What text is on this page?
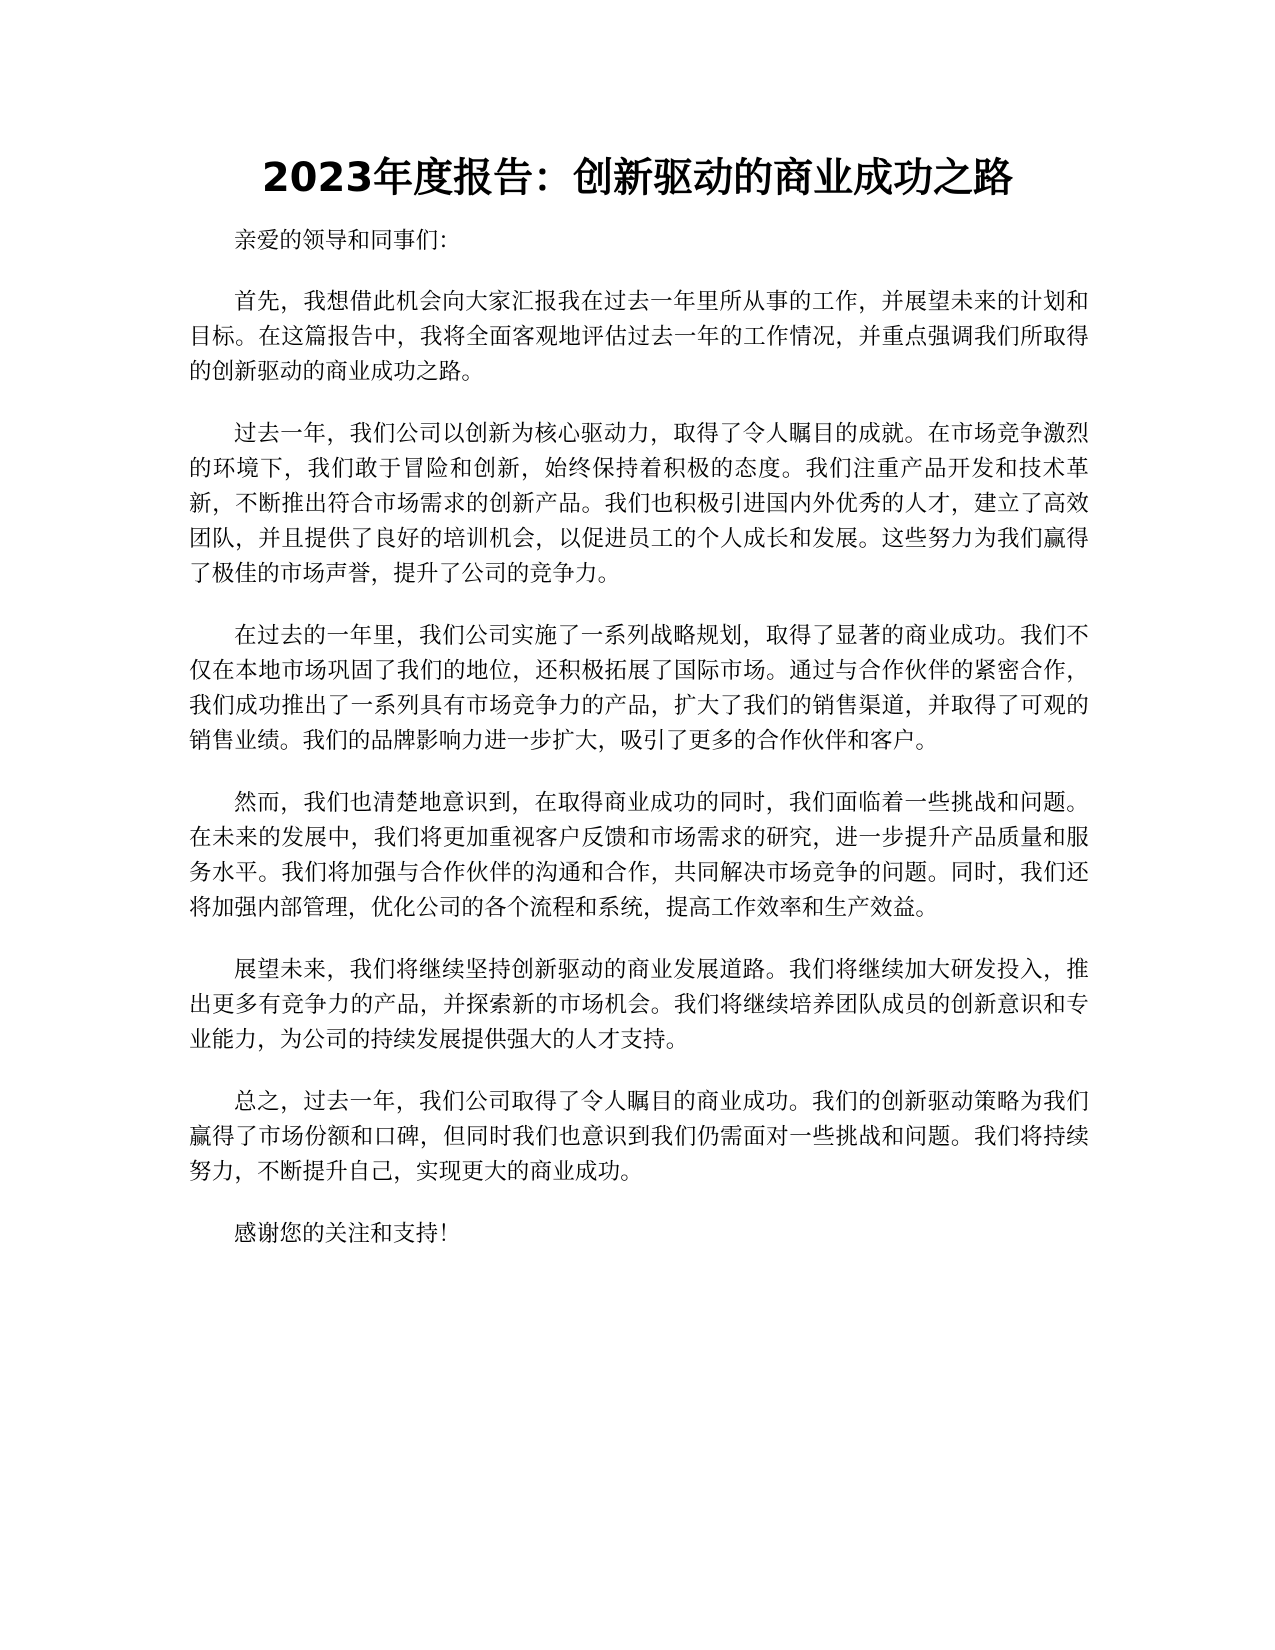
2023年度报告：创新驱动的商业成功之路

亲爱的领导和同事们：

首先，我想借此机会向大家汇报我在过去一年里所从事的工作，并展望未来的计划和目标。在这篇报告中，我将全面客观地评估过去一年的工作情况，并重点强调我们所取得的创新驱动的商业成功之路。

过去一年，我们公司以创新为核心驱动力，取得了令人瞩目的成就。在市场竞争激烈的环境下，我们敢于冒险和创新，始终保持着积极的态度。我们注重产品开发和技术革新，不断推出符合市场需求的创新产品。我们也积极引进国内外优秀的人才，建立了高效团队，并且提供了良好的培训机会，以促进员工的个人成长和发展。这些努力为我们赢得了极佳的市场声誉，提升了公司的竞争力。

在过去的一年里，我们公司实施了一系列战略规划，取得了显著的商业成功。我们不仅在本地市场巩固了我们的地位，还积极拓展了国际市场。通过与合作伙伴的紧密合作，我们成功推出了一系列具有市场竞争力的产品，扩大了我们的销售渠道，并取得了可观的销售业绩。我们的品牌影响力进一步扩大，吸引了更多的合作伙伴和客户。

然而，我们也清楚地意识到，在取得商业成功的同时，我们面临着一些挑战和问题。在未来的发展中，我们将更加重视客户反馈和市场需求的研究，进一步提升产品质量和服务水平。我们将加强与合作伙伴的沟通和合作，共同解决市场竞争的问题。同时，我们还将加强内部管理，优化公司的各个流程和系统，提高工作效率和生产效益。

展望未来，我们将继续坚持创新驱动的商业发展道路。我们将继续加大研发投入，推出更多有竞争力的产品，并探索新的市场机会。我们将继续培养团队成员的创新意识和专业能力，为公司的持续发展提供强大的人才支持。

总之，过去一年，我们公司取得了令人瞩目的商业成功。我们的创新驱动策略为我们赢得了市场份额和口碑，但同时我们也意识到我们仍需面对一些挑战和问题。我们将持续努力，不断提升自己，实现更大的商业成功。

感谢您的关注和支持！
